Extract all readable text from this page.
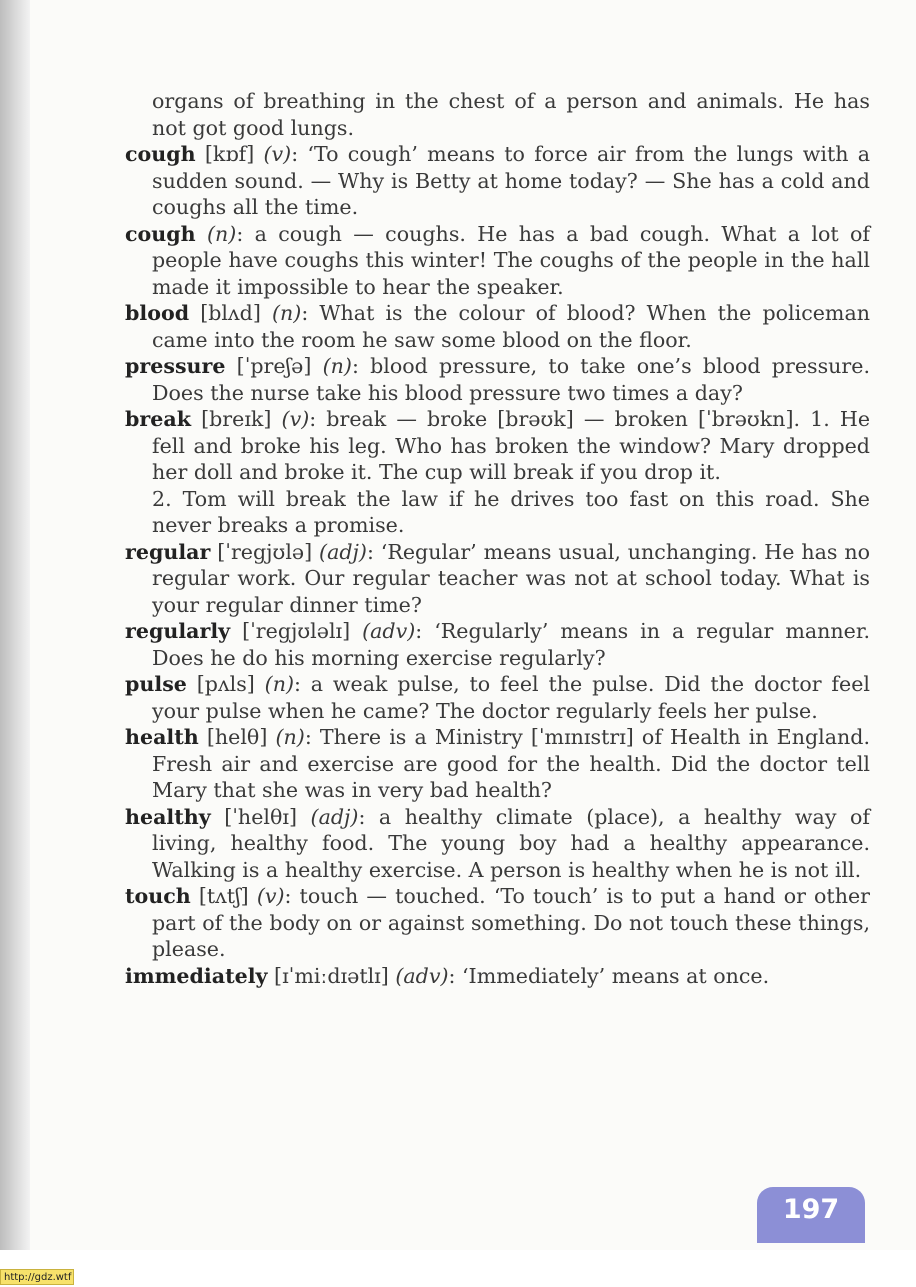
organs of breathing in the chest of a person and animals. He has not got good lungs.

cough [kɒf] (v): ‘To cough’ means to force air from the lungs with a sudden sound. — Why is Betty at home today? — She has a cold and coughs all the time.

cough (n): a cough — coughs. He has a bad cough. What a lot of people have coughs this winter! The coughs of the people in the hall made it impossible to hear the speaker.

blood [blʌd] (n): What is the colour of blood? When the policeman came into the room he saw some blood on the floor.

pressure [ˈpreʃə] (n): blood pressure, to take one’s blood pressure. Does the nurse take his blood pressure two times a day?

break [breɪk] (v): break — broke [brəʊk] — broken [ˈbrəʊkn]. 1. He fell and broke his leg. Who has broken the window? Mary dropped her doll and broke it. The cup will break if you drop it.

2. Tom will break the law if he drives too fast on this road. She never breaks a promise.

regular [ˈregjʊlə] (adj): ‘Regular’ means usual, unchanging. He has no regular work. Our regular teacher was not at school today. What is your regular dinner time?

regularly [ˈregjʊləlɪ] (adv): ‘Regularly’ means in a regular manner. Does he do his morning exercise regularly?

pulse [pʌls] (n): a weak pulse, to feel the pulse. Did the doctor feel your pulse when he came? The doctor regularly feels her pulse.

health [helθ] (n): There is a Ministry [ˈmɪnɪstrɪ] of Health in England. Fresh air and exercise are good for the health. Did the doctor tell Mary that she was in very bad health?

healthy [ˈhelθɪ] (adj): a healthy climate (place), a healthy way of living, healthy food. The young boy had a healthy appearance. Walking is a healthy exercise. A person is healthy when he is not ill.

touch [tʌtʃ] (v): touch — touched. ‘To touch’ is to put a hand or other part of the body on or against something. Do not touch these things, please.

immediately [ɪˈmiːdɪətlɪ] (adv): ‘Immediately’ means at once.

197
http://gdz.wtf
